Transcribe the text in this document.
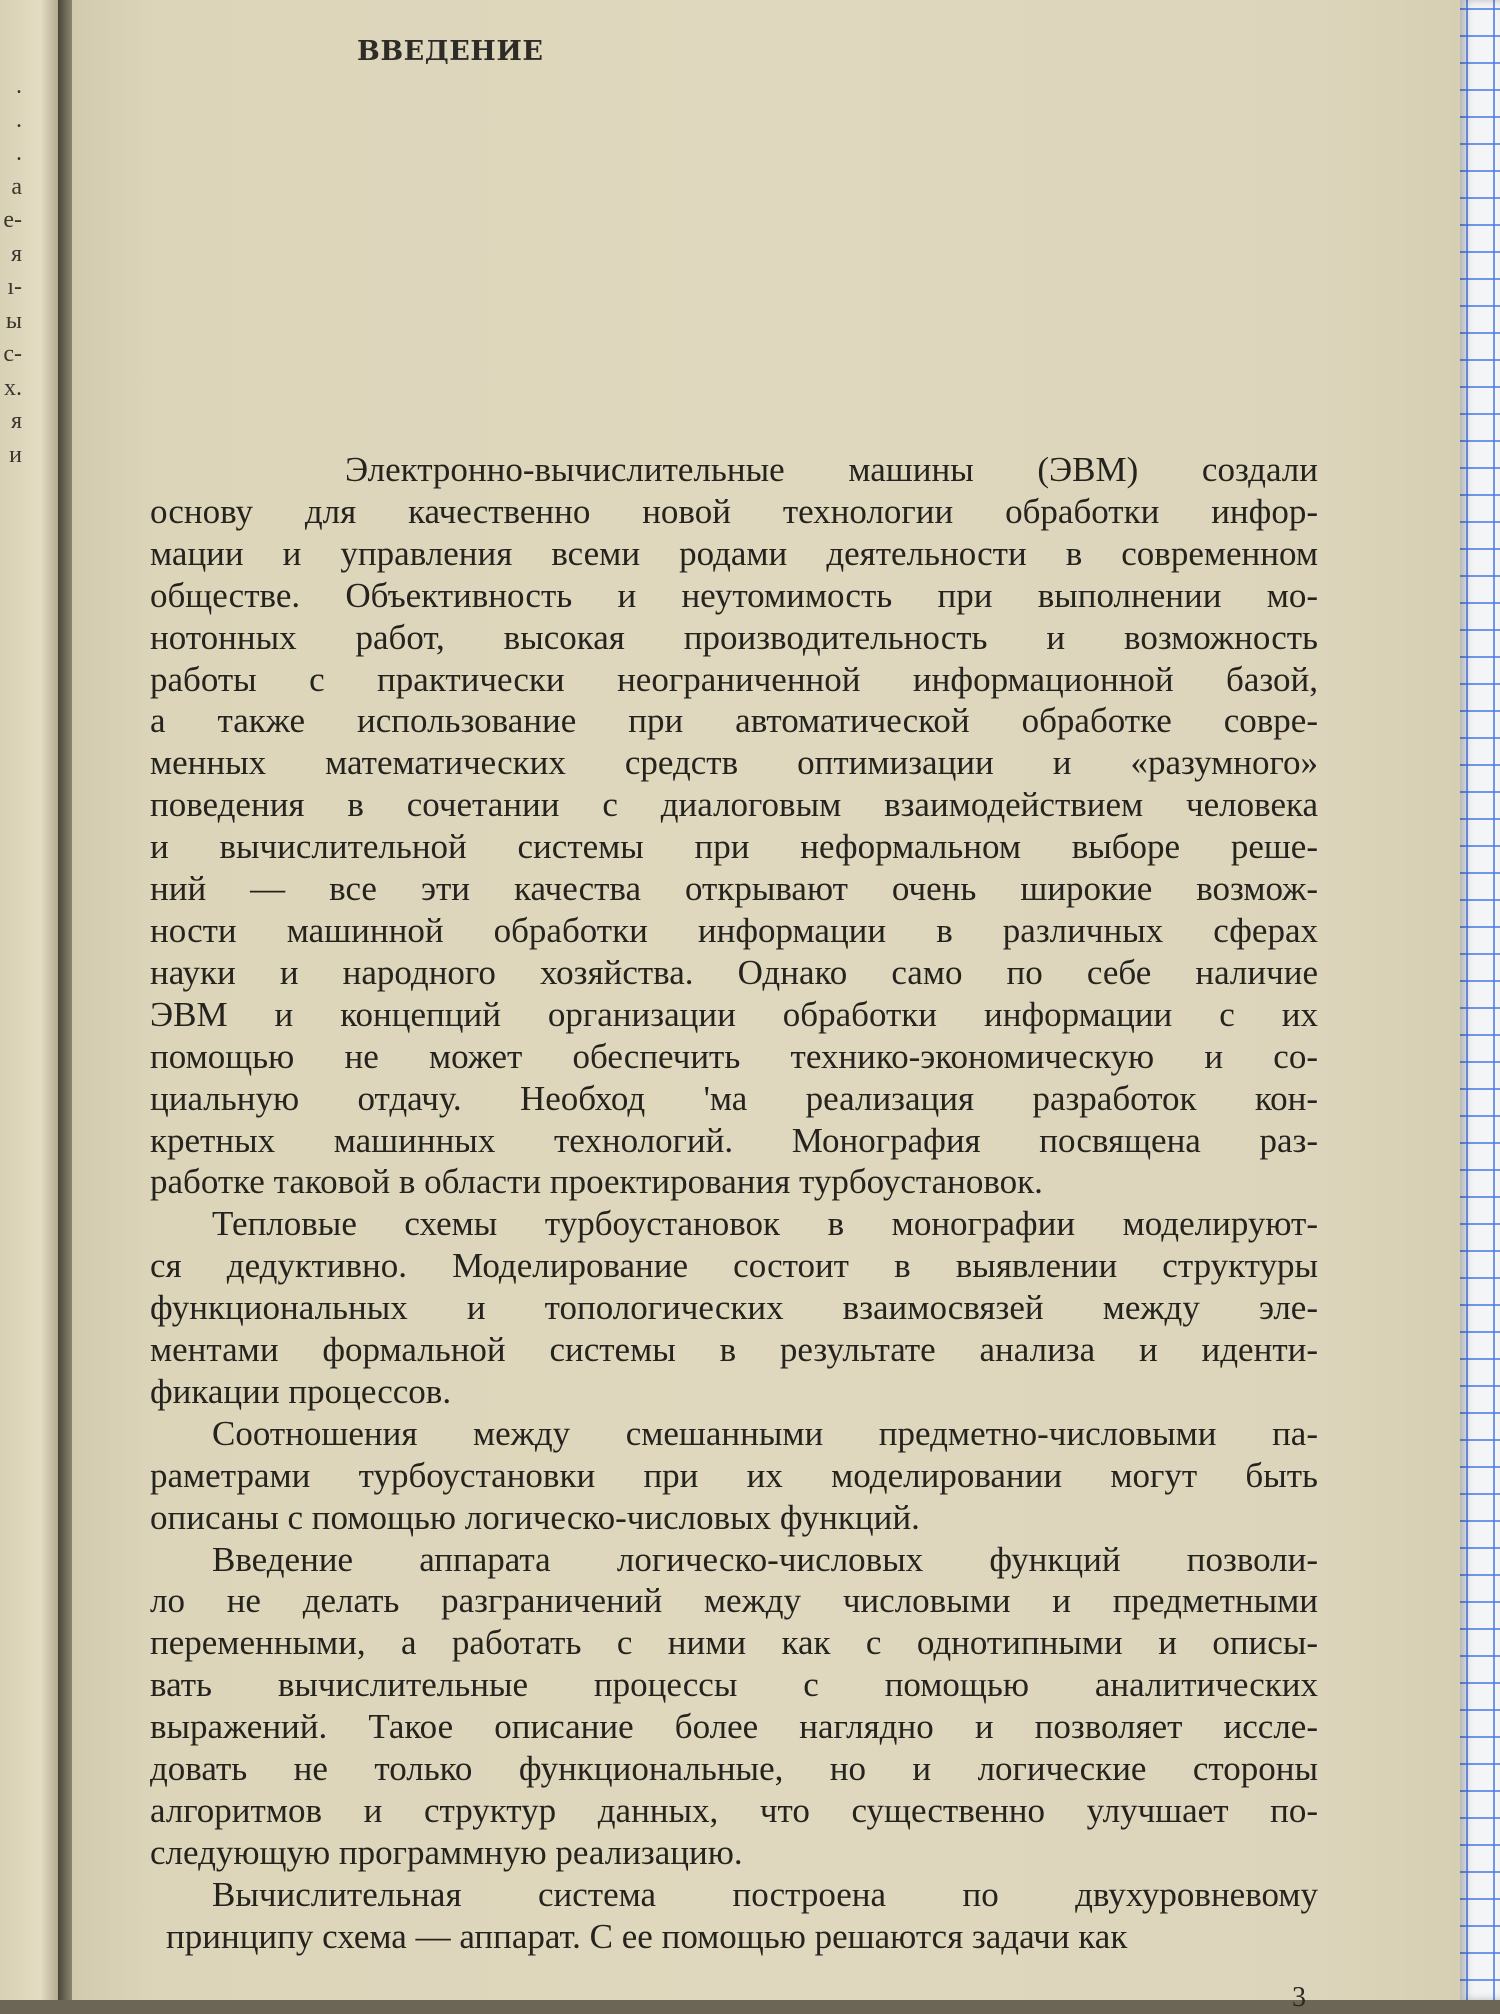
.
.
.
а
е-
я
ı-
ы
с-
х.
я
и
ВВЕДЕНИЕ

Электронно-вычислительные машины (ЭВМ) создали
основу для качественно новой технологии обработки инфор-
мации и управления всеми родами деятельности в современном
обществе. Объективность и неутомимость при выполнении мо-
нотонных работ, высокая производительность и возможность
работы с практически неограниченной информационной базой,
а также использование при автоматической обработке совре-
менных математических средств оптимизации и «разумного»
поведения в сочетании с диалоговым взаимодействием человека
и вычислительной системы при неформальном выборе реше-
ний — все эти качества открывают очень широкие возмож-
ности машинной обработки информации в различных сферах
науки и народного хозяйства. Однако само по себе наличие
ЭВМ и концепций организации обработки информации с их
помощью не может обеспечить технико-экономическую и со-
циальную отдачу. Необход 'ма реализация разработок кон-
кретных машинных технологий. Монография посвящена раз-
работке таковой в области проектирования турбоустановок.

Тепловые схемы турбоустановок в монографии моделируют-
ся дедуктивно. Моделирование состоит в выявлении структуры
функциональных и топологических взаимосвязей между эле-
ментами формальной системы в результате анализа и иденти-
фикации процессов.

Соотношения между смешанными предметно-числовыми па-
раметрами турбоустановки при их моделировании могут быть
описаны с помощью логическо-числовых функций.

Введение аппарата логическо-числовых функций позволи-
ло не делать разграничений между числовыми и предметными
переменными, а работать с ними как с однотипными и описы-
вать вычислительные процессы с помощью аналитических
выражений. Такое описание более наглядно и позволяет иссле-
довать не только функциональные, но и логические стороны
алгоритмов и структур данных, что существенно улучшает по-
следующую программную реализацию.

Вычислительная система построена по двухуровневому
принципу схема — аппарат. С ее помощью решаются задачи как

3
